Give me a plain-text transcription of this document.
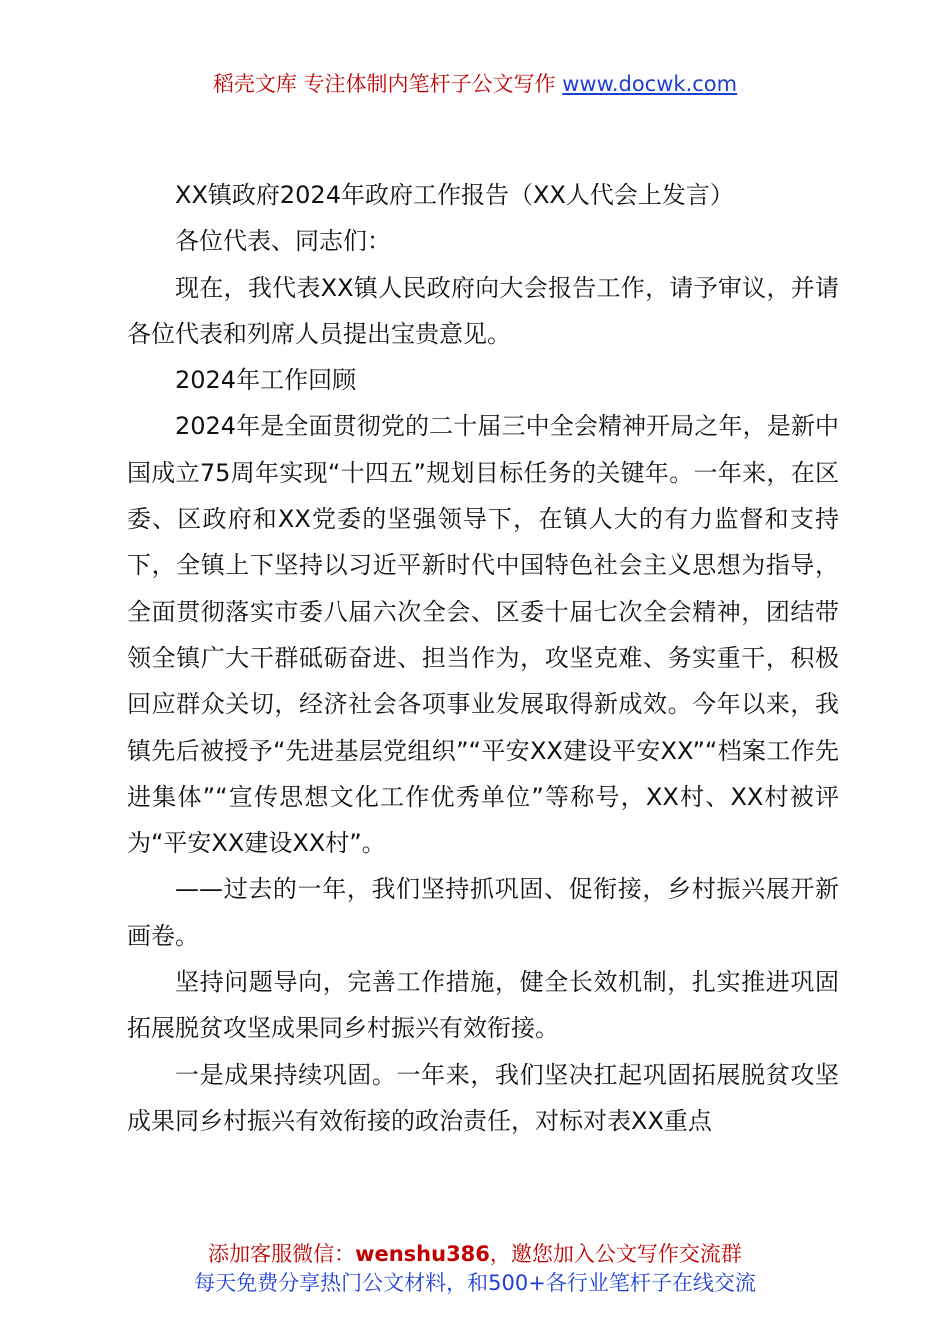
稻壳文库 专注体制内笔杆子公文写作 www.docwk.com

XX镇政府2024年政府工作报告（XX人代会上发言）

各位代表、同志们：

现在，我代表XX镇人民政府向大会报告工作，请予审议，并请各位代表和列席人员提出宝贵意见。

2024年工作回顾

2024年是全面贯彻党的二十届三中全会精神开局之年，是新中国成立75周年实现“十四五”规划目标任务的关键年。一年来，在区委、区政府和XX党委的坚强领导下，在镇人大的有力监督和支持下，全镇上下坚持以习近平新时代中国特色社会主义思想为指导，全面贯彻落实市委八届六次全会、区委十届七次全会精神，团结带领全镇广大干群砥砺奋进、担当作为，攻坚克难、务实重干，积极回应群众关切，经济社会各项事业发展取得新成效。今年以来，我镇先后被授予“先进基层党组织”“平安XX建设平安XX”“档案工作先进集体”“宣传思想文化工作优秀单位”等称号，XX村、XX村被评为“平安XX建设XX村”。

——过去的一年，我们坚持抓巩固、促衔接，乡村振兴展开新画卷。

坚持问题导向，完善工作措施，健全长效机制，扎实推进巩固拓展脱贫攻坚成果同乡村振兴有效衔接。

一是成果持续巩固。一年来，我们坚决扛起巩固拓展脱贫攻坚成果同乡村振兴有效衔接的政治责任，对标对表XX重点

添加客服微信：wenshu386，邀您加入公文写作交流群
每天免费分享热门公文材料，和500+各行业笔杆子在线交流
